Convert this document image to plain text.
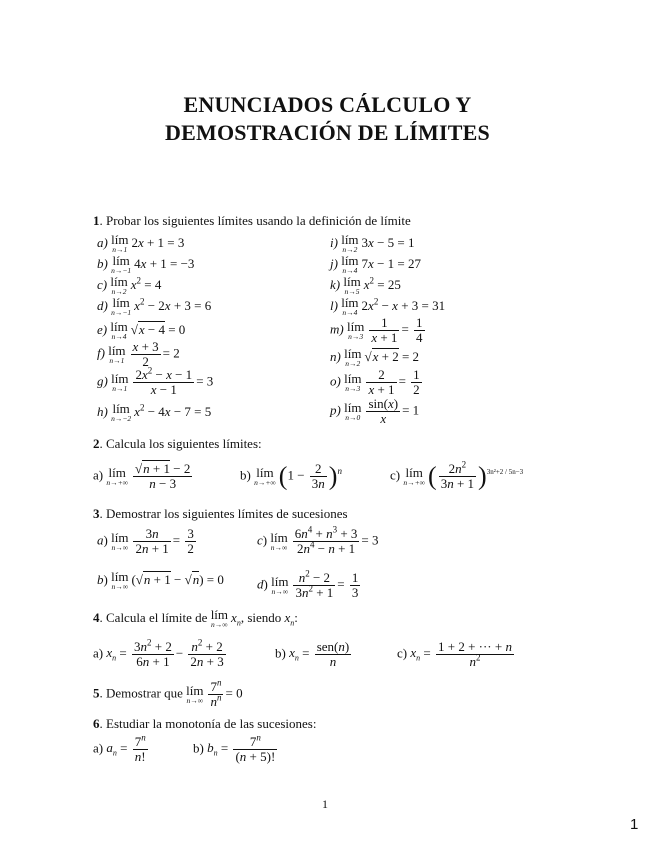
ENUNCIADOS CÁLCULO Y
DEMOSTRACIÓN DE LÍMITES
1. Probar los siguientes límites usando la definición de límite
a) lím
n→1 2x + 1 = 3
b) lím
n→−1 4x + 1 = −3
c) lím
n→2 $x^2 = 4$
d) lím
n→−1 $x^2 - 2x + 3 = 6$
e) lím
n→4 √x − 4 = 0
f) lím
$n\to 1 \frac{x + 3}{2} = 2$
g) lím
$n\to 1 \frac{2x^2 - x - 1}{x - 1} = 3$
h) lím
n→−2 $x^2 - 4x - 7 = 5$
i) lím
n→2 3x − 5 = 1
j) lím
n→4 7x − 1 = 27
k) lím
n→5 $x^2 = 25$
l) lím
n→4 $2x^2 - x + 3 = 31$
m) lím
$n\to 3 \frac{1}{x + 1} = \frac{1}{4}$
n) lím
n→2 √x + 2 = 2
o) lím
$n\to 3 \frac{2}{x + 1} = \frac{1}{2}$
p) lím
$n\to 0 \frac{\sin(x)}{x} = 1$
2. Calcula los siguientes límites:
a) lím
$n\to+\infty \frac{√n + 1 - 2}{n - 3}$	b) lím
n→+∞ $(1 - \frac{2}{3n} )^n$	c) lím
n→+∞ ( $\frac{2n^2}{3n + 1} )^{3n^2+2 / 5n-3}$
3. Demostrar los siguientes límites de sucesiones
a) lím
$n\to\infty \frac{3n}{2n + 1} = \frac{3}{2}$	c) lím
$n\to\infty \frac{6n^4 + n^3 + 3}{2n^4 - n + 1} = 3$
b) lím
n→∞ (√n + 1 − √n) = 0	d) lím
$n\to\infty \frac{n^2 - 2}{3n^2 + 1} = \frac{1}{3}$
4. Calcula el límite de lím
n→∞ $x_n$, siendo $x_n$:
a) $x_n = \frac{3n^2 + 2}{6n + 1} - \frac{n^2 + 2}{2n + 3}$	b) $x_n = \frac{\text{sen(n)}}{n}$	c) $x_n = \frac{1 + 2 + \cdot\cdot\cdot + n}{n^2}$
5. Demostrar que lím
$n\to\infty \frac{7^n}{n^n} = 0$
6. Estudiar la monotonía de las sucesiones:
a) $a_n = \frac{7^n}{n!}$	b) $b_n = \frac{7^n}{(n + 5)!}$
1
1
